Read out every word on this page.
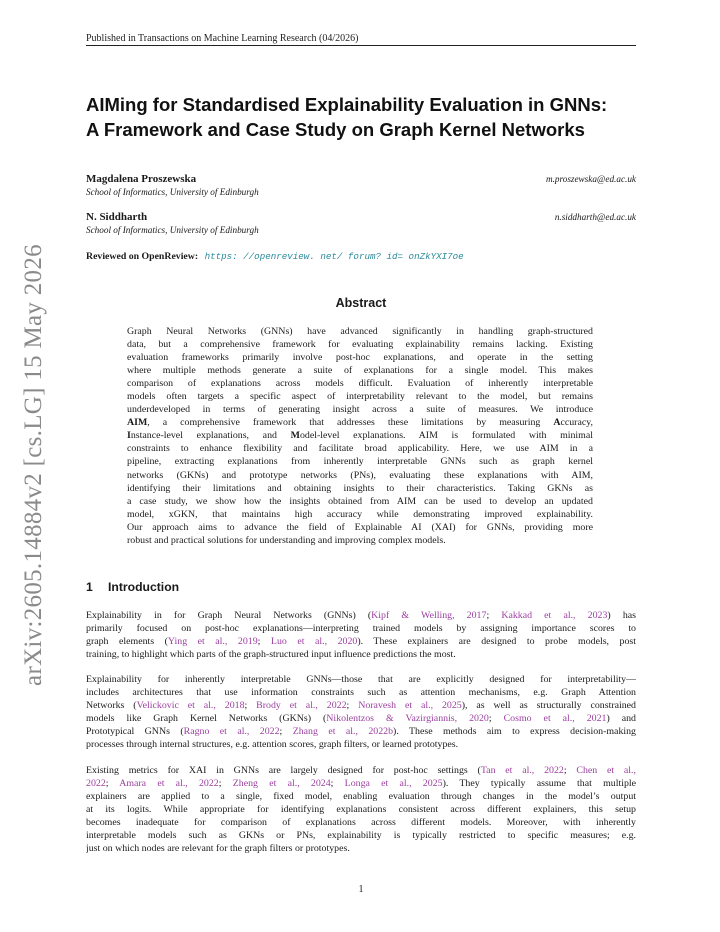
arXiv:2605.14884v2 [cs.LG] 15 May 2026
Published in Transactions on Machine Learning Research (04/2026)
AIMing for Standardised Explainability Evaluation in GNNs:
A Framework and Case Study on Graph Kernel Networks
Magdalena Proszewska
School of Informatics, University of Edinburgh
m.proszewska@ed.ac.uk
N. Siddharth
School of Informatics, University of Edinburgh
n.siddharth@ed.ac.uk
Reviewed on OpenReview: https: //openreview. net/ forum? id= onZkYXI7oe
Abstract
Graph Neural Networks (GNNs) have advanced significantly in handling graph-structured
data, but a comprehensive framework for evaluating explainability remains lacking. Existing
evaluation frameworks primarily involve post-hoc explanations, and operate in the setting
where multiple methods generate a suite of explanations for a single model. This makes
comparison of explanations across models difficult. Evaluation of inherently interpretable
models often targets a specific aspect of interpretability relevant to the model, but remains
underdeveloped in terms of generating insight across a suite of measures. We introduce
AIM, a comprehensive framework that addresses these limitations by measuring Accuracy,
Instance-level explanations, and Model-level explanations. AIM is formulated with minimal
constraints to enhance flexibility and facilitate broad applicability. Here, we use AIM in a
pipeline, extracting explanations from inherently interpretable GNNs such as graph kernel
networks (GKNs) and prototype networks (PNs), evaluating these explanations with AIM,
identifying their limitations and obtaining insights to their characteristics. Taking GKNs as
a case study, we show how the insights obtained from AIM can be used to develop an updated
model, xGKN, that maintains high accuracy while demonstrating improved explainability.
Our approach aims to advance the field of Explainable AI (XAI) for GNNs, providing more
robust and practical solutions for understanding and improving complex models.
1 Introduction
Explainability in for Graph Neural Networks (GNNs) (Kipf & Welling, 2017; Kakkad et al., 2023) has
primarily focused on post-hoc explanations—interpreting trained models by assigning importance scores to
graph elements (Ying et al., 2019; Luo et al., 2020). These explainers are designed to probe models, post
training, to highlight which parts of the graph-structured input influence predictions the most.
Explainability for inherently interpretable GNNs—those that are explicitly designed for interpretability—
includes architectures that use information constraints such as attention mechanisms, e.g. Graph Attention
Networks (Velickovic et al., 2018; Brody et al., 2022; Noravesh et al., 2025), as well as structurally constrained
models like Graph Kernel Networks (GKNs) (Nikolentzos & Vazirgiannis, 2020; Cosmo et al., 2021) and
Prototypical GNNs (Ragno et al., 2022; Zhang et al., 2022b). These methods aim to express decision-making
processes through internal structures, e.g. attention scores, graph filters, or learned prototypes.
Existing metrics for XAI in GNNs are largely designed for post-hoc settings (Tan et al., 2022; Chen et al.,
2022; Amara et al., 2022; Zheng et al., 2024; Longa et al., 2025). They typically assume that multiple
explainers are applied to a single, fixed model, enabling evaluation through changes in the model’s output
at its logits. While appropriate for identifying explanations consistent across different explainers, this setup
becomes inadequate for comparison of explanations across different models. Moreover, with inherently
interpretable models such as GKNs or PNs, explainability is typically restricted to specific measures; e.g.
just on which nodes are relevant for the graph filters or prototypes.
1
